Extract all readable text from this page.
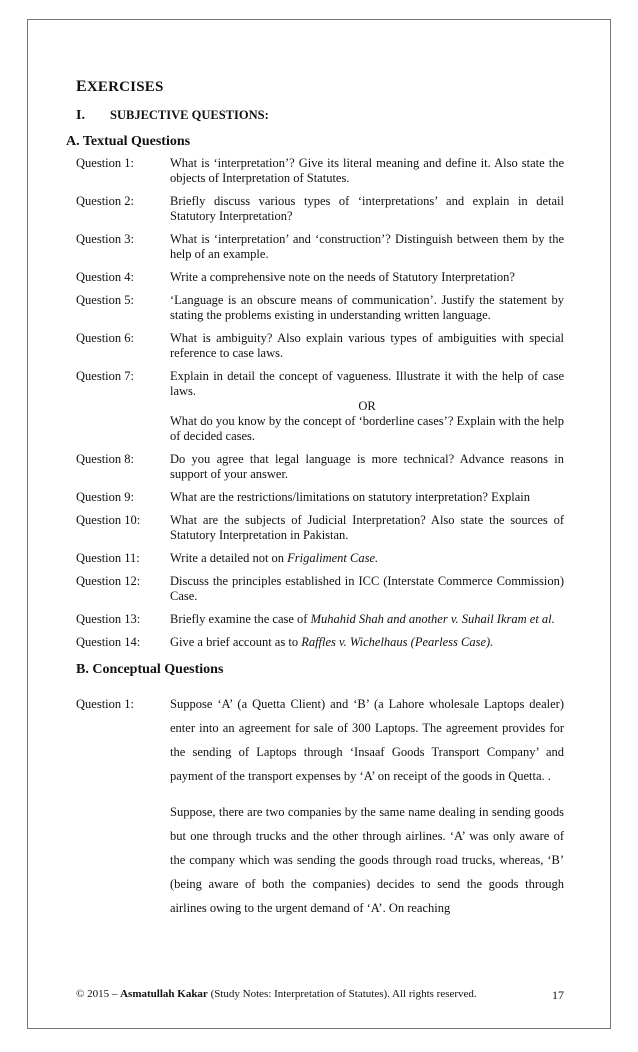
EXERCISES
I. SUBJECTIVE QUESTIONS:
A. Textual Questions
Question 1:	What is ‘interpretation’? Give its literal meaning and define it. Also state the objects of Interpretation of Statutes.
Question 2:	Briefly discuss various types of ‘interpretations’ and explain in detail Statutory Interpretation?
Question 3:	What is ‘interpretation’ and ‘construction’? Distinguish between them by the help of an example.
Question 4:	Write a comprehensive note on the needs of Statutory Interpretation?
Question 5:	‘Language is an obscure means of communication’. Justify the statement by stating the problems existing in understanding written language.
Question 6:	What is ambiguity? Also explain various types of ambiguities with special reference to case laws.
Question 7:	Explain in detail the concept of vagueness. Illustrate it with the help of case laws.
OR
What do you know by the concept of ‘borderline cases’? Explain with the help of decided cases.
Question 8:	Do you agree that legal language is more technical? Advance reasons in support of your answer.
Question 9:	What are the restrictions/limitations on statutory interpretation? Explain
Question 10:	What are the subjects of Judicial Interpretation? Also state the sources of Statutory Interpretation in Pakistan.
Question 11:	Write a detailed not on Frigaliment Case.
Question 12:	Discuss the principles established in ICC (Interstate Commerce Commission) Case.
Question 13:	Briefly examine the case of Muhahid Shah and another v. Suhail Ikram et al.
Question 14:	Give a brief account as to Raffles v. Wichelhaus (Pearless Case).
B. Conceptual Questions
Question 1:	Suppose ‘A’ (a Quetta Client) and ‘B’ (a Lahore wholesale Laptops dealer) enter into an agreement for sale of 300 Laptops. The agreement provides for the sending of Laptops through ‘Insaaf Goods Transport Company’ and payment of the transport expenses by ‘A’ on receipt of the goods in Quetta. .

Suppose, there are two companies by the same name dealing in sending goods but one through trucks and the other through airlines. ‘A’ was only aware of the company which was sending the goods through road trucks, whereas, ‘B’ (being aware of both the companies) decides to send the goods through airlines owing to the urgent demand of ‘A’. On reaching

© 2015 – Asmatullah Kakar (Study Notes: Interpretation of Statutes). All rights reserved.	17
